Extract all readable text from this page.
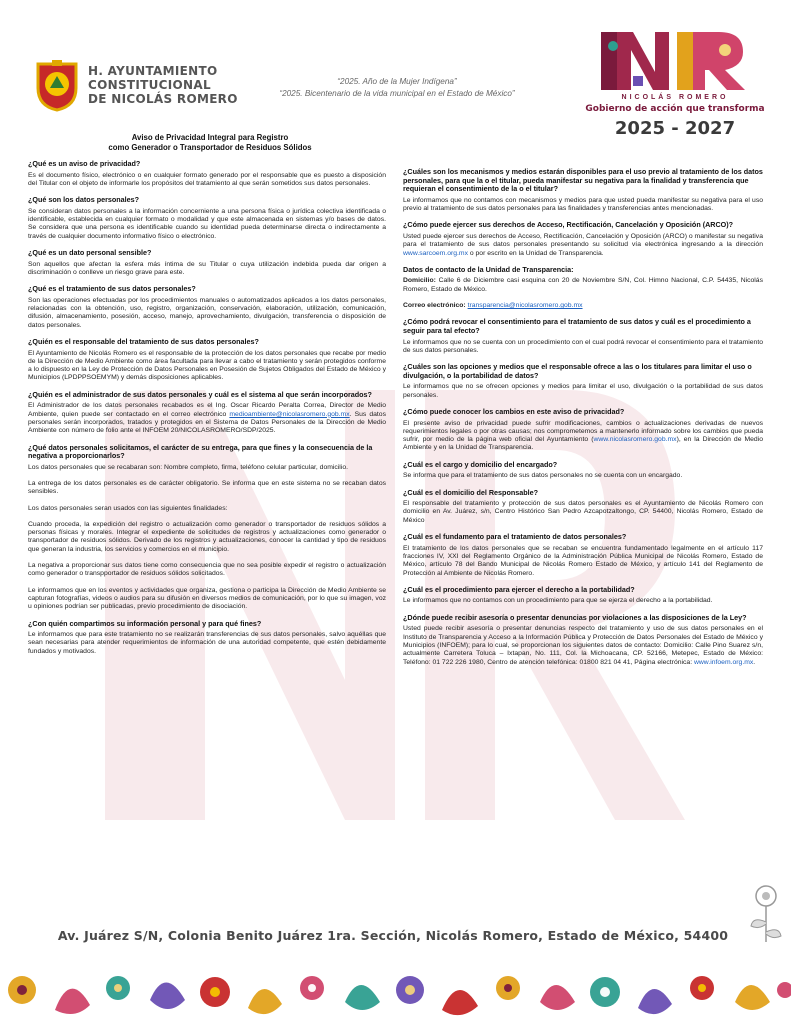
H. AYUNTAMIENTO
CONSTITUCIONAL
DE NICOLÁS ROMERO
“2025. Año de la Mujer Indígena”
“2025. Bicentenario de la vida municipal en el Estado de México”	NICOLÁS ROMERO
Gobierno de acción que transforma
2025 - 2027
Aviso de Privacidad Integral para Registro
como Generador o Transportador de Residuos Sólidos
¿Qué es un aviso de privacidad?

Es el documento físico, electrónico o en cualquier formato generado por el responsable que es puesto a disposición del Titular con el objeto de informarle los propósitos del tratamiento al que serán sometidos sus datos personales.

¿Qué son los datos personales?

Se consideran datos personales a la información concerniente a una persona física o jurídica colectiva identificada o identificable, establecida en cualquier formato o modalidad y que este almacenada en sistemas y/o bases de datos. Se considera que una persona es identificable cuando su identidad pueda determinarse directa o indirectamente a través de cualquier documento informativo físico o electrónico.

¿Qué es un dato personal sensible?

Son aquellos que afectan la esfera más íntima de su Titular o cuya utilización indebida pueda dar origen a discriminación o conlleve un riesgo grave para este.

¿Qué es el tratamiento de sus datos personales?

Son las operaciones efectuadas por los procedimientos manuales o automatizados aplicados a los datos personales, relacionadas con la obtención, uso, registro, organización, conservación, elaboración, utilización, comunicación, difusión, almacenamiento, posesión, acceso, manejo, aprovechamiento, divulgación, transferencia o disposición de datos personales.

¿Quién es el responsable del tratamiento de sus datos personales?

El Ayuntamiento de Nicolás Romero es el responsable de la protección de los datos personales que recabe por medio de la Dirección de Medio Ambiente como área facultada para llevar a cabo el tratamiento y serán protegidos conforme a lo dispuesto en la Ley de Protección de Datos Personales en Posesión de Sujetos Obligados del Estado de México y Municipios (LPDPPSOEMYM) y demás disposiciones aplicables.

¿Quién es el administrador de sus datos personales y cuál es el sistema al que serán incorporados?

El Administrador de los datos personales recabados es el Ing. Oscar Ricardo Peralta Correa, Director de Medio Ambiente, quien puede ser contactado en el correo electrónico medioambiente@nicolasromero.gob.mx. Sus datos personales serán incorporados, tratados y protegidos en el Sistema de Datos Personales de la Dirección de Medio Ambiente con número de folio ante el INFOEM 20/NICOLASROMERO/SDP/2025.

¿Qué datos personales solicitamos, el carácter de su entrega, para que fines y la consecuencia de la negativa a proporcionarlos?

Los datos personales que se recabaran son: Nombre completo, firma, teléfono celular particular, domicilio.

La entrega de los datos personales es de carácter obligatorio. Se informa que en este sistema no se recaban datos sensibles.

Los datos personales seran usados con las siguientes finalidades:

Cuando proceda, la expedición del registro o actualización como generador o transportador de residuos sólidos a personas físicas y morales. Integrar el expediente de solicitudes de registros y actualizaciones como generador o transportador de residuos sólidos. Derivado de los registros y actualizaciones, conocer la cantidad y tipo de residuos que generan la industria, los servicios y comercios en el municipio.

La negativa a proporcionar sus datos tiene como consecuencia que no sea posible expedir el registro o actualización como generador o transpportador de residuos sólidos solicitados.

Le informamos que en los eventos y actividades que organiza, gestiona o participa la Dirección de Medio Ambiente se capturan fotografías, videos o audios para su difusión en diversos medios de comunicación, por lo que su imagen, voz u opiniones podrían ser publicadas, previo procedimiento de disociación.

¿Con quién compartimos su información personal y para qué fines?

Le informamos que para este tratamiento no se realizarán transferencias de sus datos personales, salvo aquéllas que sean necesarias para atender requerimientos de información de una autoridad competente, que estén debidamente fundados y motivados.

¿Cuáles son los mecanismos y medios estarán disponibles para el uso previo al tratamiento de los datos personales, para que la o el titular, pueda manifestar su negativa para la finalidad y transferencia que requieran el consentimiento de la o el titular?

Le informamos que no contamos con mecanismos y medios para que usted pueda manifestar su negativa para el uso previo al tratamiento de sus datos personales para las finalidades y transferencias antes mencionadas.

¿Cómo puede ejercer sus derechos de Acceso, Rectificación, Cancelación y Oposición (ARCO)?

Usted puede ejercer sus derechos de Acceso, Rectificación, Cancelación y Oposición (ARCO) o manifestar su negativa para el tratamiento de sus datos personales presentando su solicitud vía electrónica ingresando a la dirección www.sarcoem.org.mx o por escrito en la Unidad de Transparencia.

Datos de contacto de la Unidad de Transparencia:

Domicilio: Calle 6 de Diciembre casi esquina con 20 de Noviembre S/N, Col. Himno Nacional, C.P. 54435, Nicolás Romero, Estado de México.

Correo electrónico: transparencia@nicolasromero.gob.mx

¿Cómo podrá revocar el consentimiento para el tratamiento de sus datos y cuál es el procedimiento a seguir para tal efecto?

Le informamos que no se cuenta con un procedimiento con el cual podrá revocar el consentimiento para el tratamiento de sus datos personales.

¿Cuáles son las opciones y medios que el responsable ofrece a las o los titulares para limitar el uso o divulgación, o la portabilidad de datos?

Le informamos que no se ofrecen opciones y medios para limitar el uso, divulgación o la portabilidad de sus datos personales.

¿Cómo puede conocer los cambios en este aviso de privacidad?

El presente aviso de privacidad puede sufrir modificaciones, cambios o actualizaciones derivadas de nuevos requerimientos legales o por otras causas; nos comprometemos a mantenerlo informado sobre los cambios que pueda sufrir, por medio de la página web oficial del Ayuntamiento (www.nicolasromero.gob.mx), en la Dirección de Medio Ambiente y en la Unidad de Transparencia.

¿Cuál es el cargo y domicilio del encargado?

Se informa que para el tratamiento de sus datos personales no se cuenta con un encargado.

¿Cuál es el domicilio del Responsable?

El responsable del tratamiento y protección de sus datos personales es el Ayuntamiento de Nicolás Romero con domicilio en Av. Juárez, s/n, Centro Histórico San Pedro Azcapotzaltongo, CP. 54400, Nicolás Romero, Estado de México

¿Cuál es el fundamento para el tratamiento de datos personales?

El tratamiento de los datos personales que se recaban se encuentra fundamentado legalmente en el artículo 117 fracciones IV, XXI del Reglamento Orgánico de la Administración Pública Municipal de Nicolás Romero, Estado de México, artículo 78 del Bando Municipal de Nicolás Romero Estado de México, y artículo 141 del Reglamento de Protección al Ambiente de Nicolás Romero.

¿Cuál es el procedimiento para ejercer el derecho a la portabilidad?

Le informamos que no contamos con un procedimiento para que se ejerza el derecho a la portabilidad.

¿Dónde puede recibir asesoría o presentar denuncias por violaciones a las disposiciones de la Ley?

Usted puede recibir asesoría o presentar denuncias respecto del tratamiento y uso de sus datos personales en el Instituto de Transparencia y Acceso a la Información Pública y Protección de Datos Personales del Estado de México y Municipios (INFOEM); para lo cual, se proporcionan los siguientes datos de contacto: Domicilio: Calle Pino Suarez s/n, actualmente Carretera Toluca – Ixtapan, No. 111, Col. la Michoacana, CP. 52166, Metepec, Estado de México: Teléfono: 01 722 226 1980, Centro de atención telefónica: 01800 821 04 41, Página electrónica: www.infoem.org.mx.

Av. Juárez S/N, Colonia Benito Juárez 1ra. Sección, Nicolás Romero, Estado de México, 54400
